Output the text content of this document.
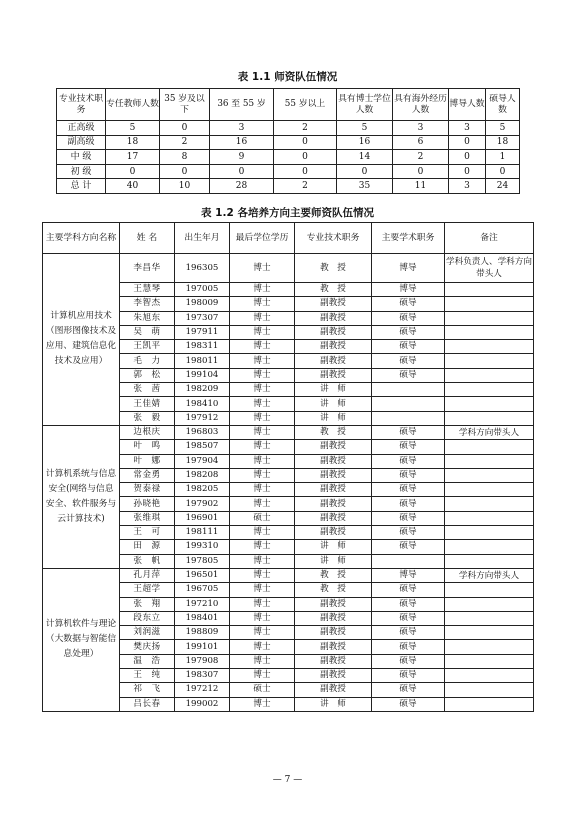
表 1.1 师资队伍情况
专业技术职务	专任教师人数	35 岁及以下	36 至 55 岁	55 岁以上	具有博士学位人数	具有海外经历人数	博导人数	硕导人数
正高级	5	0	3	2	5	3	3	5
副高级	18	2	16	0	16	6	0	18
中 级	17	8	9	0	14	2	0	1
初 级	0	0	0	0	0	0	0	0
总 计	40	10	28	2	35	11	3	24
表 1.2 各培养方向主要师资队伍情况
主要学科方向名称	姓 名	出生年月	最后学位学历	专业技术职务	主要学术职务	备注
计算机应用技术（图形图像技术及应用、建筑信息化技术及应用）	李昌华	196305	博士	教　授	博导	学科负责人、学科方向带头人
	王慧琴	197005	博士	教　授	博导	
	李智杰	198009	博士	副教授	硕导	
	朱旭东	197307	博士	副教授	硕导	
	吴　萌	197911	博士	副教授	硕导	
	王凯平	198311	博士	副教授	硕导	
	毛　力	198011	博士	副教授	硕导	
	郭　松	199104	博士	副教授	硕导	
	张　茜	198209	博士	讲　师		
	王佳婧	198410	博士	讲　师		
	张　毅	197912	博士	讲　师		
计算机系统与信息安全(网络与信息安全、软件服务与云计算技术)	边根庆	196803	博士	教　授	硕导	学科方向带头人
	叶　鸣	198507	博士	副教授	硕导	
	叶　娜	197904	博士	副教授	硕导	
	常金勇	198208	博士	副教授	硕导	
	贺泰禄	198205	博士	副教授	硕导	
	孙晓艳	197902	博士	副教授	硕导	
	张维琪	196901	硕士	副教授	硕导	
	王　可	198111	博士	副教授	硕导	
	田　源	199310	博士	讲　师	硕导	
	张　帆	197805	博士	讲　师		
计算机软件与理论（大数据与智能信息处理）	孔月萍	196501	博士	教　授	博导	学科方向带头人
	王超学	196705	博士	教　授	硕导	
	张　翔	197210	博士	副教授	硕导	
	段东立	198401	博士	副教授	硕导	
	刘润滋	198809	博士	副教授	硕导	
	樊庆扬	199101	博士	副教授	硕导	
	温　浩	197908	博士	副教授	硕导	
	王　纯	198307	博士	副教授	硕导	
	祁　飞	197212	硕士	副教授	硕导	
	吕长春	199002	博士	讲　师	硕导	
— 7 —
